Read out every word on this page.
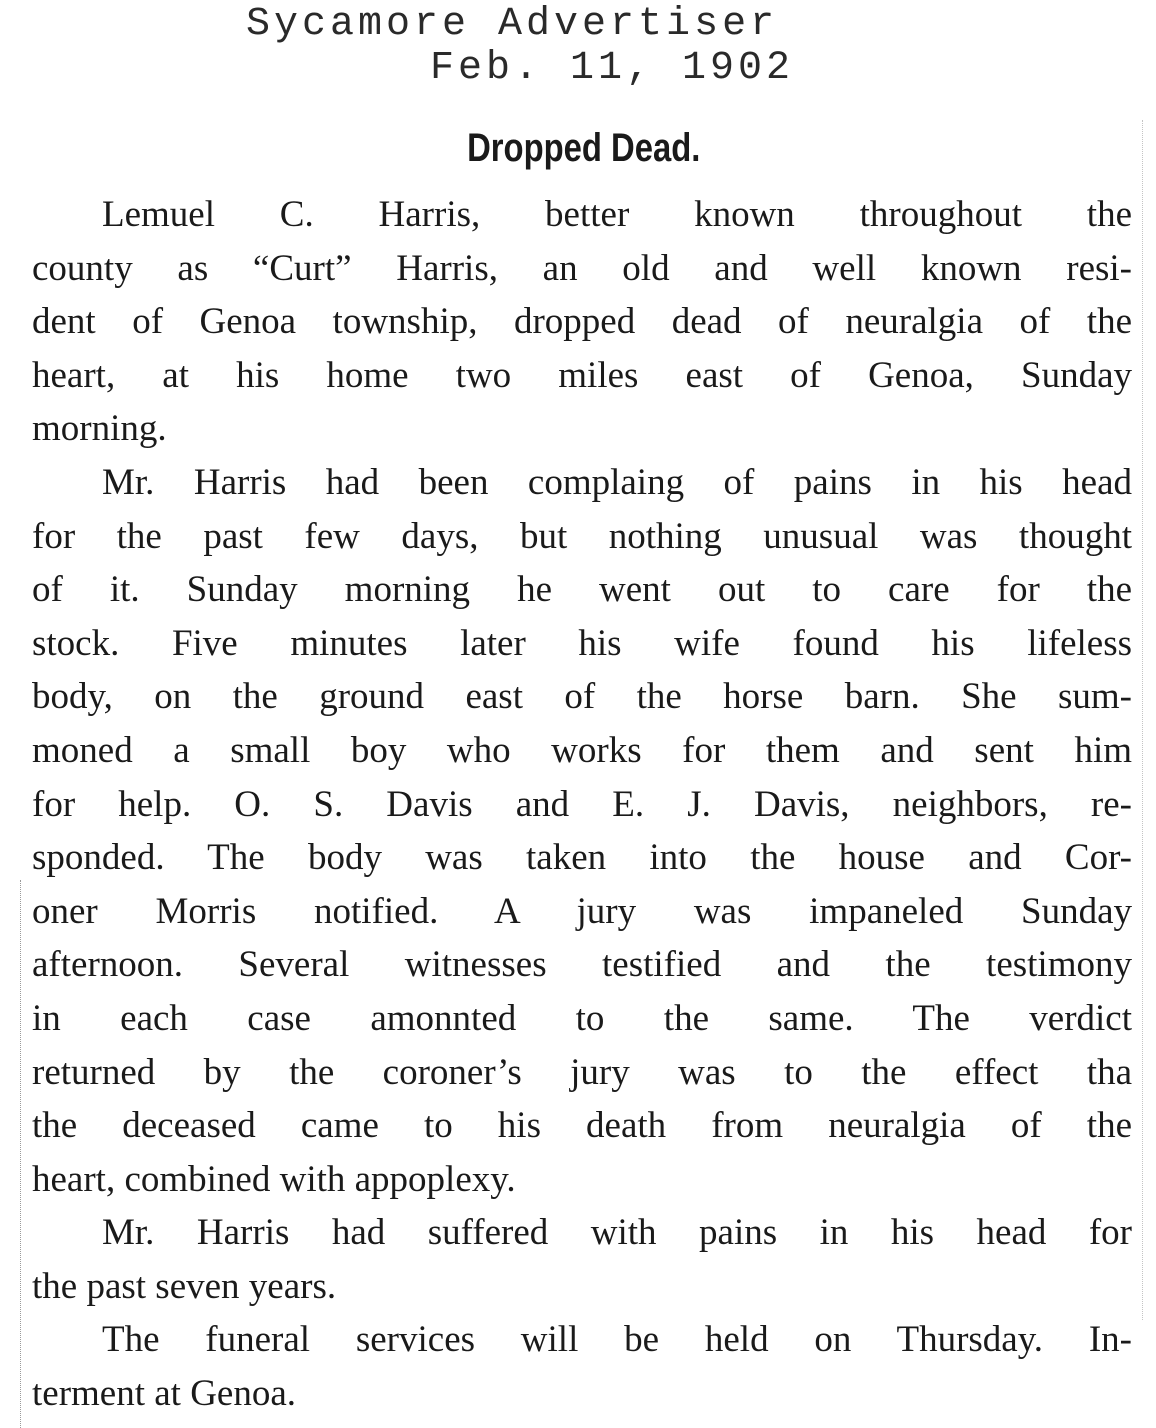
Sycamore Advertiser
Feb. 11, 1902
Dropped Dead.
Lemuel C. Harris, better known throughout the
county as “Curt” Harris, an old and well known resi-
dent of Genoa township, dropped dead of neuralgia of the
heart, at his home two miles east of Genoa, Sunday
morning.
Mr. Harris had been complaing of pains in his head
for the past few days, but nothing unusual was thought
of it. Sunday morning he went out to care for the
stock. Five minutes later his wife found his lifeless
body, on the ground east of the horse barn. She sum-
moned a small boy who works for them and sent him
for help. O. S. Davis and E. J. Davis, neighbors, re-
sponded. The body was taken into the house and Cor-
oner Morris notified. A jury was impaneled Sunday
afternoon. Several witnesses testified and the testimony
in each case amonnted to the same. The verdict
returned by the coroner’s jury was to the effect tha
the deceased came to his death from neuralgia of the
heart, combined with appoplexy.
Mr. Harris had suffered with pains in his head for
the past seven years.
The funeral services will be held on Thursday. In-
terment at Genoa.
